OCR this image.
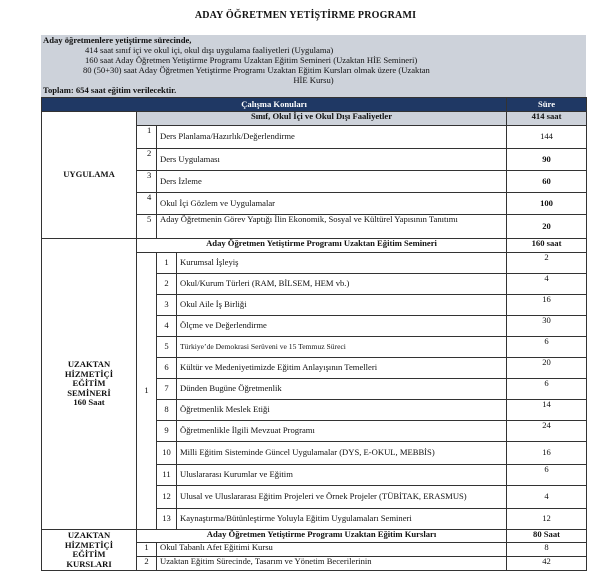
ADAY ÖĞRETMEN YETİŞTİRME PROGRAMI
Aday öğretmenlere yetiştirme sürecinde,
414 saat sınıf içi ve okul içi, okul dışı uygulama faaliyetleri (Uygulama)
160 saat Aday Öğretmen Yetiştirme Programı Uzaktan Eğitim Semineri (Uzaktan HİE Semineri)
80 (50+30) saat Aday Öğretmen Yetiştirme Programı Uzaktan Eğitim Kursları olmak üzere (Uzaktan
HİE Kursu)
Toplam: 654 saat eğitim verilecektir.
Çalışma Konuları				Süre
UYGULAMA	Sınıf, Okul İçi ve Okul Dışı Faaliyetler			414 saat
	1	Ders Planlama/Hazırlık/Değerlendirme		144
	2	Ders Uygulaması		90
	3	Ders İzleme		60
	4	Okul İçi Gözlem ve Uygulamalar		100
	5	Aday Öğretmenin Görev Yaptığı İlin Ekonomik, Sosyal ve Kültürel Yapısının Tanıtımı		20

UZAKTAN
HİZMETİÇİ
EĞİTİM
SEMİNERİ
160 Saat	Aday Öğretmen Yetiştirme Programı Uzaktan Eğitim Semineri			160 saat
	1	1	Kurumsal İşleyiş	2
		2	Okul/Kurum Türleri (RAM, BİLSEM, HEM vb.)	4
		3	Okul Aile İş Birliği	16
		4	Ölçme ve Değerlendirme	30
		5	Türkiye’de Demokrasi Serüveni ve 15 Temmuz Süreci	6
		6	Kültür ve Medeniyetimizde Eğitim Anlayışının Temelleri	20
		7	Dünden Bugüne Öğretmenlik	6
		8	Öğretmenlik Meslek Etiği	14
		9	Öğretmenlikle İlgili Mevzuat Programı	24
		10	Milli Eğitim Sisteminde Güncel Uygulamalar (DYS, E-OKUL, MEBBİS)	16
		11	Uluslararası Kurumlar ve Eğitim	6
		12	Ulusal ve Uluslararası Eğitim Projeleri ve Örnek Projeler (TÜBİTAK, ERASMUS)	4
		13	Kaynaştırma/Bütünleştirme Yoluyla Eğitim Uygulamaları Semineri	12

UZAKTAN
HİZMETİÇİ
EĞİTİM
KURSLARI	Aday Öğretmen Yetiştirme Programı Uzaktan Eğitim Kursları			80 Saat
	1	Okul Tabanlı Afet Eğitimi Kursu		8
	2	Uzaktan Eğitim Sürecinde, Tasarım ve Yönetim Becerilerinin		42
